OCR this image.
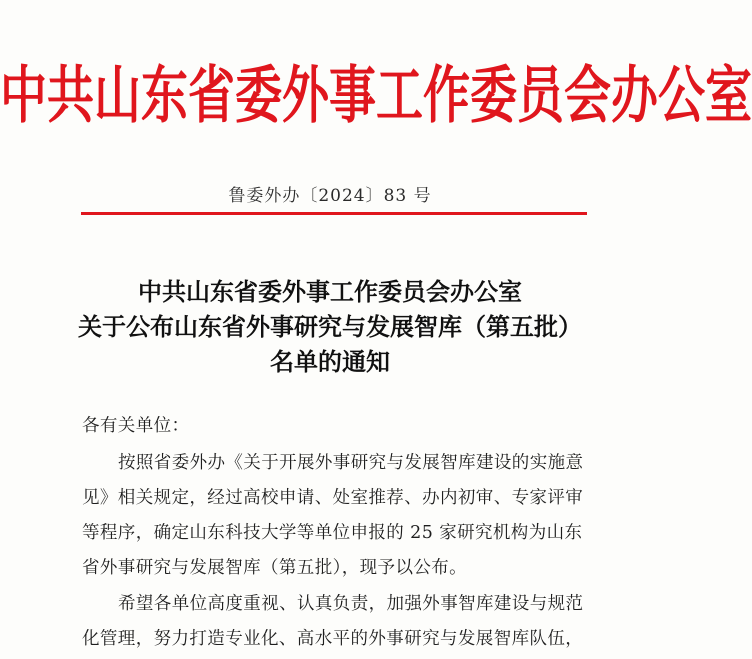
中共山东省委外事工作委员会办公室
鲁委外办〔2024〕83 号
中共山东省委外事工作委员会办公室
关于公布山东省外事研究与发展智库（第五批）
名单的通知
各有关单位：
按照省委外办《关于开展外事研究与发展智库建设的实施意
见》相关规定，经过高校申请、处室推荐、办内初审、专家评审
等程序，确定山东科技大学等单位申报的 25 家研究机构为山东
省外事研究与发展智库（第五批），现予以公布。
希望各单位高度重视、认真负责，加强外事智库建设与规范
化管理，努力打造专业化、高水平的外事研究与发展智库队伍，
